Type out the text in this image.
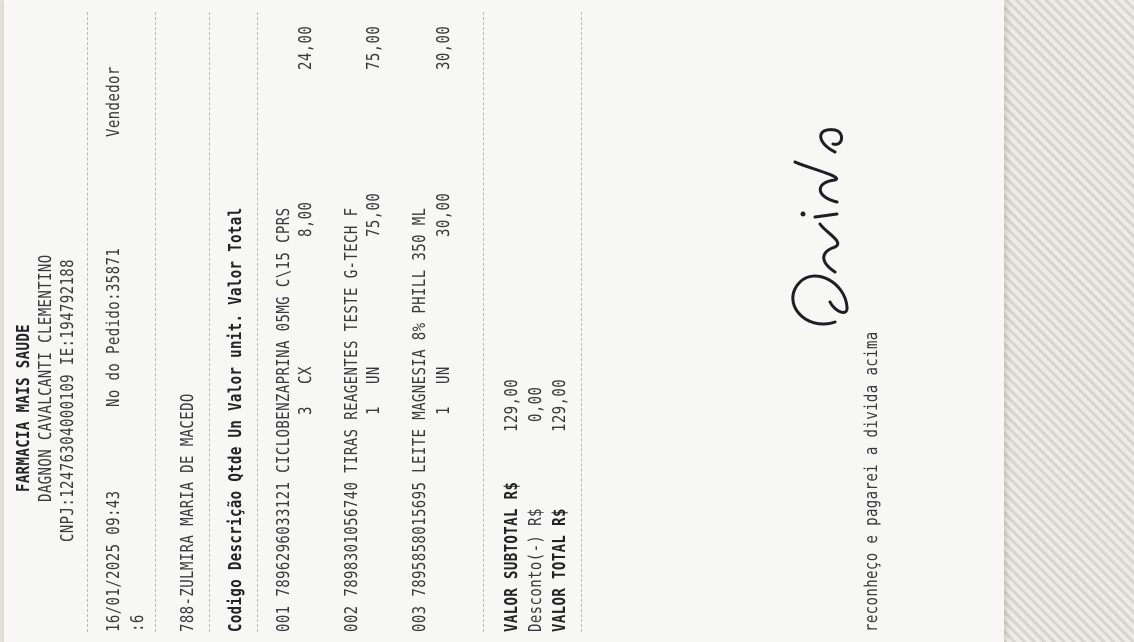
FARMACIA MAIS SAUDE DAGNON CAVALCANTI CLEMENTINO CNPJ:12476304000109 IE:194792188
16/01/2025 09:43
No do Pedido:35871
Vendedor
:6 788-ZULMIRA MARIA DE MACEDO Codigo Descrição Qtde Un Valor unit. Valor Total 001 7896296033121 CICLOBENZAPRINA 05MG C\15 CPRS 3
CX
8,00
24,00
002 7898301056740 TIRAS REAGENTES TESTE G-TECH F 1
UN
75,00
75,00
003 7895858015695 LEITE MAGNESIA 8% PHILL 350 ML 1
UN
30,00
30,00
VALOR SUBTOTAL R$
129,00
Desconto(-) R$
0,00
VALOR TOTAL R$
129,00	reconheço e pagarei a divida acima
